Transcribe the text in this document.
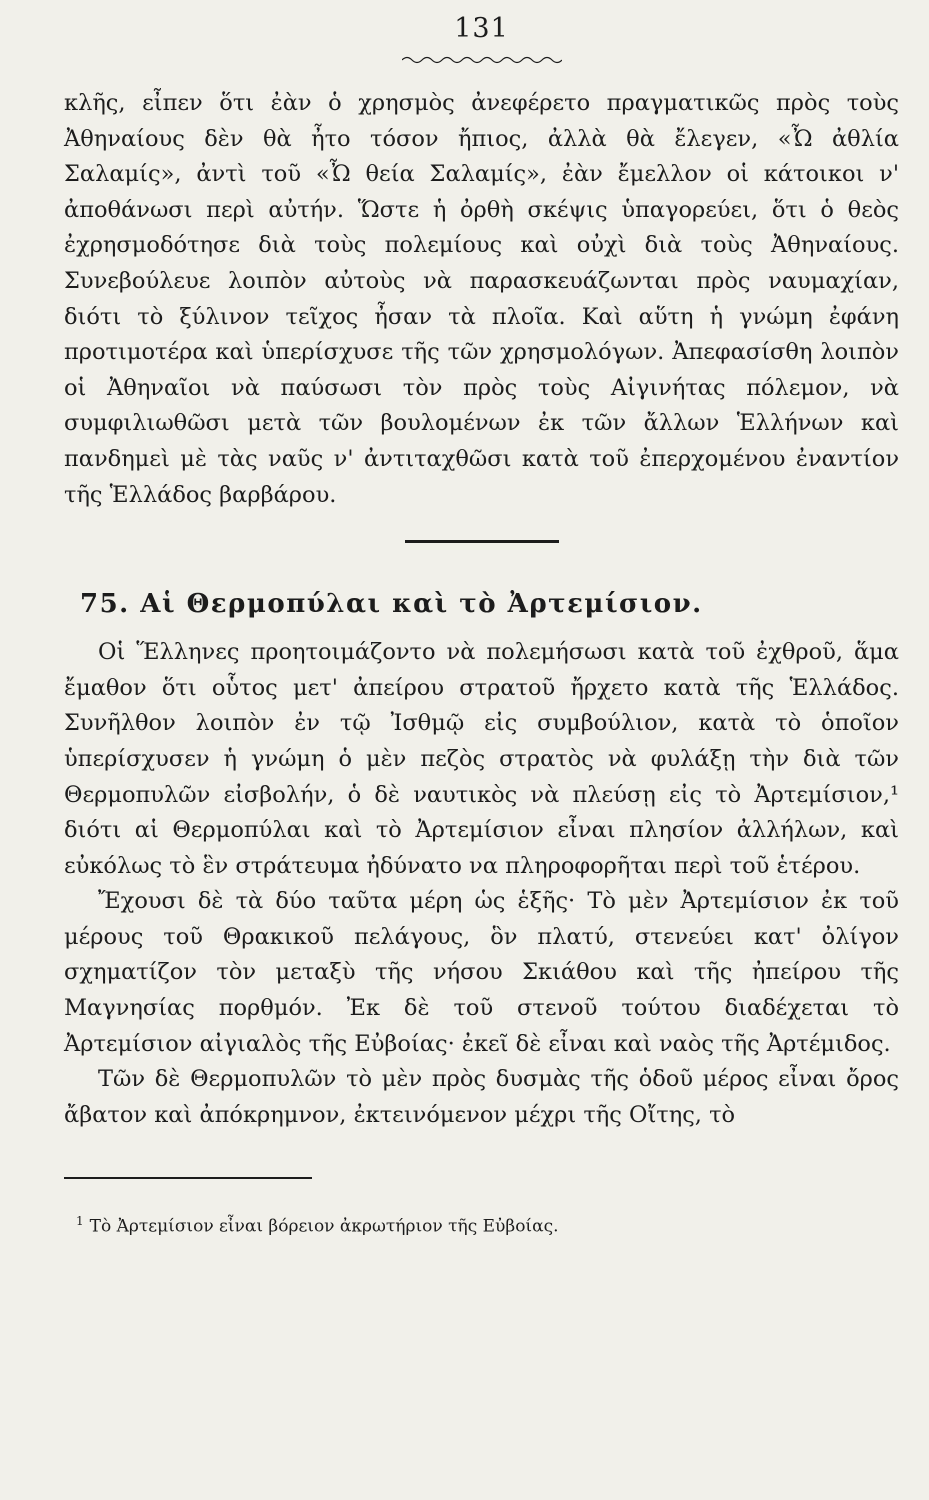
131

κλῆς, εἶπεν ὅτι ἐὰν ὁ χρησμὸς ἀνεφέρετο πραγματικῶς πρὸς τοὺς Ἀθηναίους δὲν θὰ ἦτο τόσον ἤπιος, ἀλλὰ θὰ ἔλεγεν, «Ὦ ἀθλία Σαλαμίς», ἀντὶ τοῦ «Ὦ θεία Σαλαμίς», ἐὰν ἔμελλον οἱ κάτοικοι ν' ἀποθάνωσι περὶ αὐτήν. Ὥστε ἡ ὀρθὴ σκέψις ὑπαγορεύει, ὅτι ὁ θεὸς ἐχρησμοδότησε διὰ τοὺς πολεμίους καὶ οὐχὶ διὰ τοὺς Ἀθηναίους. Συνεβούλευε λοιπὸν αὐτοὺς νὰ παρασκευάζωνται πρὸς ναυμαχίαν, διότι τὸ ξύλινον τεῖχος ἦσαν τὰ πλοῖα. Καὶ αὕτη ἡ γνώμη ἐφάνη προτιμοτέρα καὶ ὑπερίσχυσε τῆς τῶν χρησμολόγων. Ἀπεφασίσθη λοιπὸν οἱ Ἀθηναῖοι νὰ παύσωσι τὸν πρὸς τοὺς Αἰγινήτας πόλεμον, νὰ συμφιλιωθῶσι μετὰ τῶν βουλομένων ἐκ τῶν ἄλλων Ἑλλήνων καὶ πανδημεὶ μὲ τὰς ναῦς ν' ἀντιταχθῶσι κατὰ τοῦ ἐπερχομένου ἐναντίον τῆς Ἑλλάδος βαρβάρου.

75. Αἱ Θερμοπύλαι καὶ τὸ Ἀρτεμίσιον.

Οἱ Ἕλληνες προητοιμάζοντο νὰ πολεμήσωσι κατὰ τοῦ ἐχθροῦ, ἅμα ἔμαθον ὅτι οὗτος μετ' ἀπείρου στρατοῦ ἤρχετο κατὰ τῆς Ἑλλάδος. Συνῆλθον λοιπὸν ἐν τῷ Ἰσθμῷ εἰς συμβούλιον, κατὰ τὸ ὁποῖον ὑπερίσχυσεν ἡ γνώμη ὁ μὲν πεζὸς στρατὸς νὰ φυλάξῃ τὴν διὰ τῶν Θερμοπυλῶν εἰσβολήν, ὁ δὲ ναυτικὸς νὰ πλεύσῃ εἰς τὸ Ἀρτεμίσιον,¹ διότι αἱ Θερμοπύλαι καὶ τὸ Ἀρτεμίσιον εἶναι πλησίον ἀλλήλων, καὶ εὐκόλως τὸ ἓν στράτευμα ἠδύνατο να πληροφορῆται περὶ τοῦ ἑτέρου.

Ἔχουσι δὲ τὰ δύο ταῦτα μέρη ὡς ἑξῆς· Τὸ μὲν Ἀρτεμίσιον ἐκ τοῦ μέρους τοῦ Θρακικοῦ πελάγους, ὃν πλατύ, στενεύει κατ' ὀλίγον σχηματίζον τὸν μεταξὺ τῆς νήσου Σκιάθου καὶ τῆς ἠπείρου τῆς Μαγνησίας πορθμόν. Ἐκ δὲ τοῦ στενοῦ τούτου διαδέχεται τὸ Ἀρτεμίσιον αἰγιαλὸς τῆς Εὐβοίας· ἐκεῖ δὲ εἶναι καὶ ναὸς τῆς Ἀρτέμιδος.

Τῶν δὲ Θερμοπυλῶν τὸ μὲν πρὸς δυσμὰς τῆς ὁδοῦ μέρος εἶναι ὄρος ἄβατον καὶ ἀπόκρημνον, ἐκτεινόμενον μέχρι τῆς Οἴτης, τὸ

$^1$ Τὸ Ἀρτεμίσιον εἶναι βόρειον ἀκρωτήριον τῆς Εὐβοίας.
